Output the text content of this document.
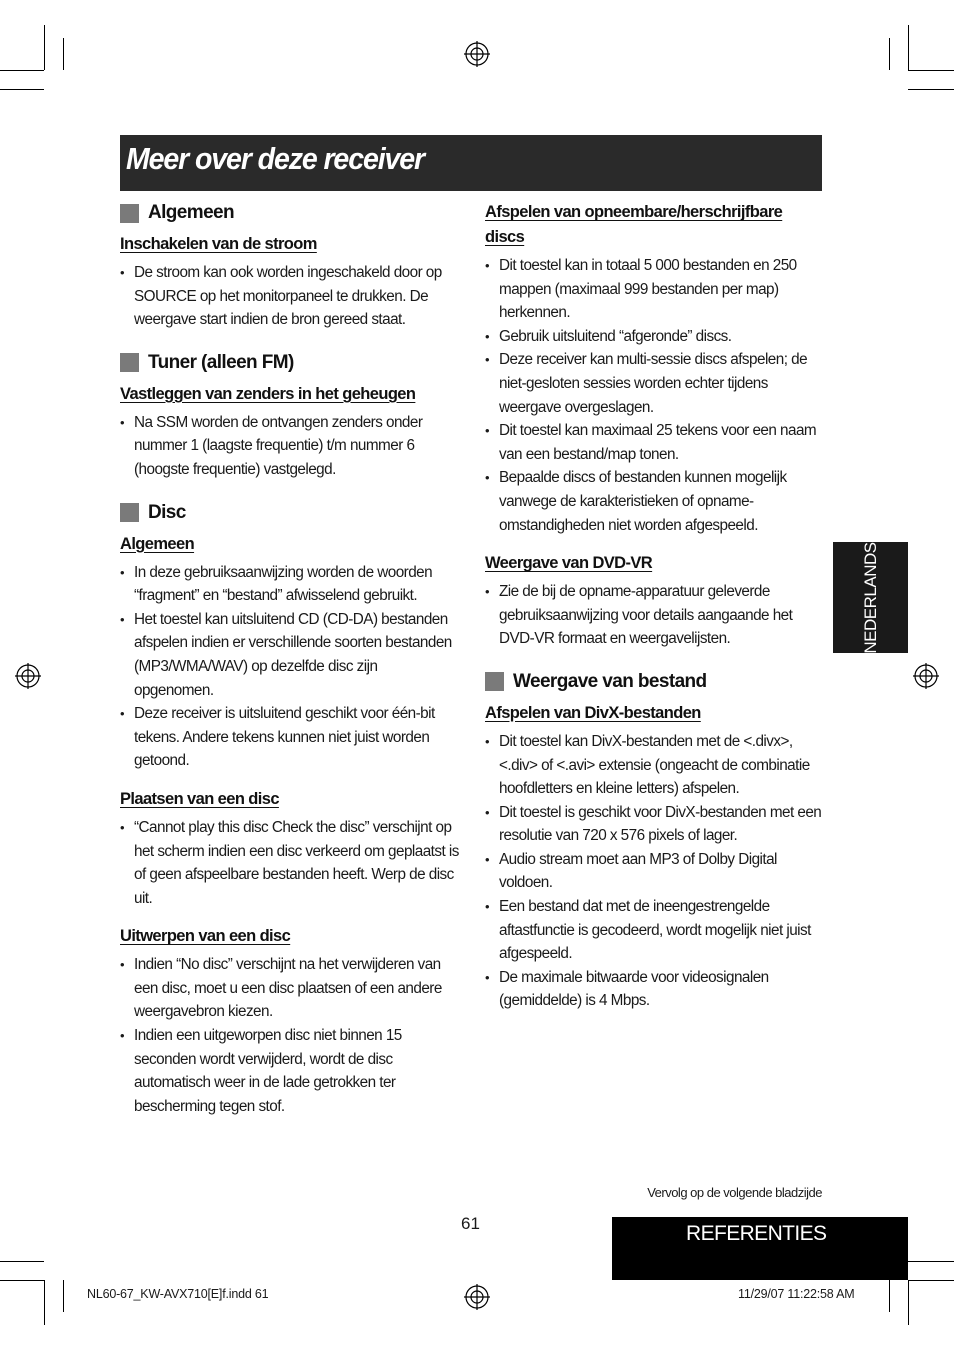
Meer over deze receiver
Algemeen
Inschakelen van de stroom
• De stroom kan ook worden ingeschakeld door op SOURCE op het monitorpaneel te drukken. De weergave start indien de bron gereed staat.
Tuner (alleen FM)
Vastleggen van zenders in het geheugen
• Na SSM worden de ontvangen zenders onder nummer 1 (laagste frequentie) t/m nummer 6 (hoogste frequentie) vastgelegd.
Disc
Algemeen
• In deze gebruiksaanwijzing worden de woorden “fragment” en “bestand” afwisselend gebruikt.
• Het toestel kan uitsluitend CD (CD-DA) bestanden afspelen indien er verschillende soorten bestanden (MP3/WMA/WAV) op dezelfde disc zijn opgenomen.
• Deze receiver is uitsluitend geschikt voor één-bit tekens. Andere tekens kunnen niet juist worden getoond.
Plaatsen van een disc
• “Cannot play this disc Check the disc” verschijnt op het scherm indien een disc verkeerd om geplaatst is of geen afspeelbare bestanden heeft. Werp de disc uit.
Uitwerpen van een disc
• Indien “No disc” verschijnt na het verwijderen van een disc, moet u een disc plaatsen of een andere weergavebron kiezen.
• Indien een uitgeworpen disc niet binnen 15 seconden wordt verwijderd, wordt de disc automatisch weer in de lade getrokken ter bescherming tegen stof.
Afspelen van opneembare/herschrijfbare discs
• Dit toestel kan in totaal 5 000 bestanden en 250 mappen (maximaal 999 bestanden per map) herkennen.
• Gebruik uitsluitend “afgeronde” discs.
• Deze receiver kan multi-sessie discs afspelen; de niet-gesloten sessies worden echter tijdens weergave overgeslagen.
• Dit toestel kan maximaal 25 tekens voor een naam van een bestand/map tonen.
• Bepaalde discs of bestanden kunnen mogelijk vanwege de karakteristieken of opname-omstandigheden niet worden afgespeeld.
Weergave van DVD-VR
• Zie de bij de opname-apparatuur geleverde gebruiksaanwijzing voor details aangaande het DVD-VR formaat en weergavelijsten.
Weergave van bestand
Afspelen van DivX-bestanden
• Dit toestel kan DivX-bestanden met de <.divx>, <.div> of <.avi> extensie (ongeacht de combinatie hoofdletters en kleine letters) afspelen.
• Dit toestel is geschikt voor DivX-bestanden met een resolutie van 720 x 576 pixels of lager.
• Audio stream moet aan MP3 of Dolby Digital voldoen.
• Een bestand dat met de ineengestrengelde aftastfunctie is gecodeerd, wordt mogelijk niet juist afgespeeld.
• De maximale bitwaarde voor videosignalen (gemiddelde) is 4 Mbps.
NEDERLANDS
Vervolg op de volgende bladzijde
61	REFERENTIES
NL60-67_KW-AVX710[E]f.indd 61	11/29/07 11:22:58 AM
